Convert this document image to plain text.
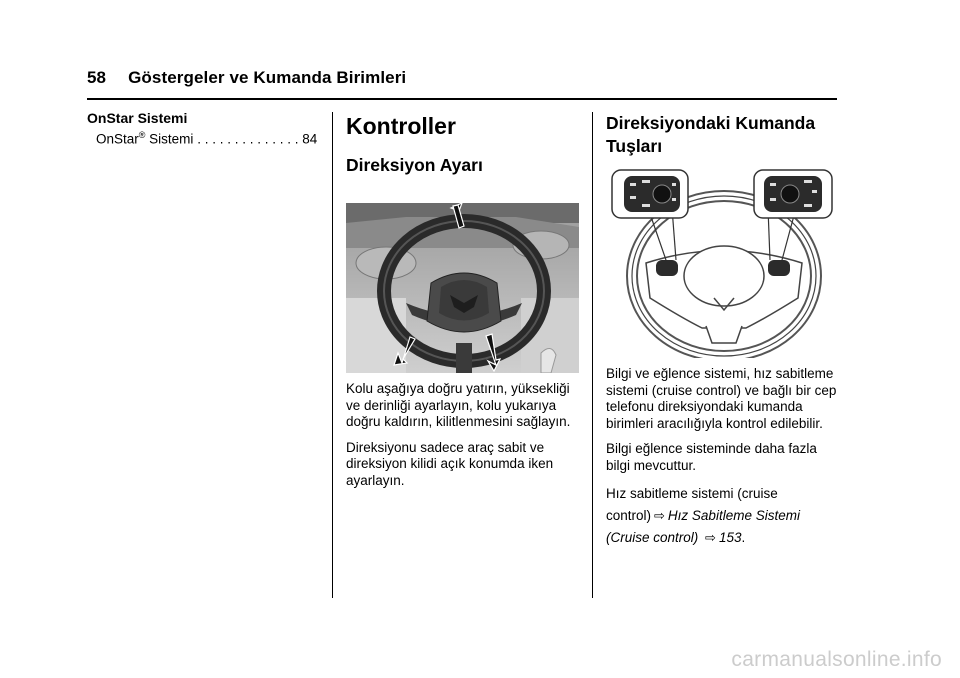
58 Göstergeler ve Kumanda Birimleri
OnStar Sistemi
OnStar® Sistemi . . . . . . . . . . . . . . 84 Kontroller
Direksiyon Ayarı

Kolu aşağıya doğru yatırın, yüksekliği ve derinliği ayarlayın, kolu yukarıya doğru kaldırın, kilitlenmesini sağlayın.

Direksiyonu sadece araç sabit ve direksiyon kilidi açık konumda iken ayarlayın.

Direksiyondaki Kumanda
Tuşları

Bilgi ve eğlence sistemi, hız sabitleme sistemi (cruise control) ve bağlı bir cep telefonu direksiyondaki kumanda birimleri aracılığıyla kontrol edilebilir.

Bilgi eğlence sisteminde daha fazla bilgi mevcuttur.

Hız sabitleme sistemi (cruise
control) ⇨ Hız Sabitleme Sistemi (Cruise control) ⇨ 153.

carmanualsonline.info
